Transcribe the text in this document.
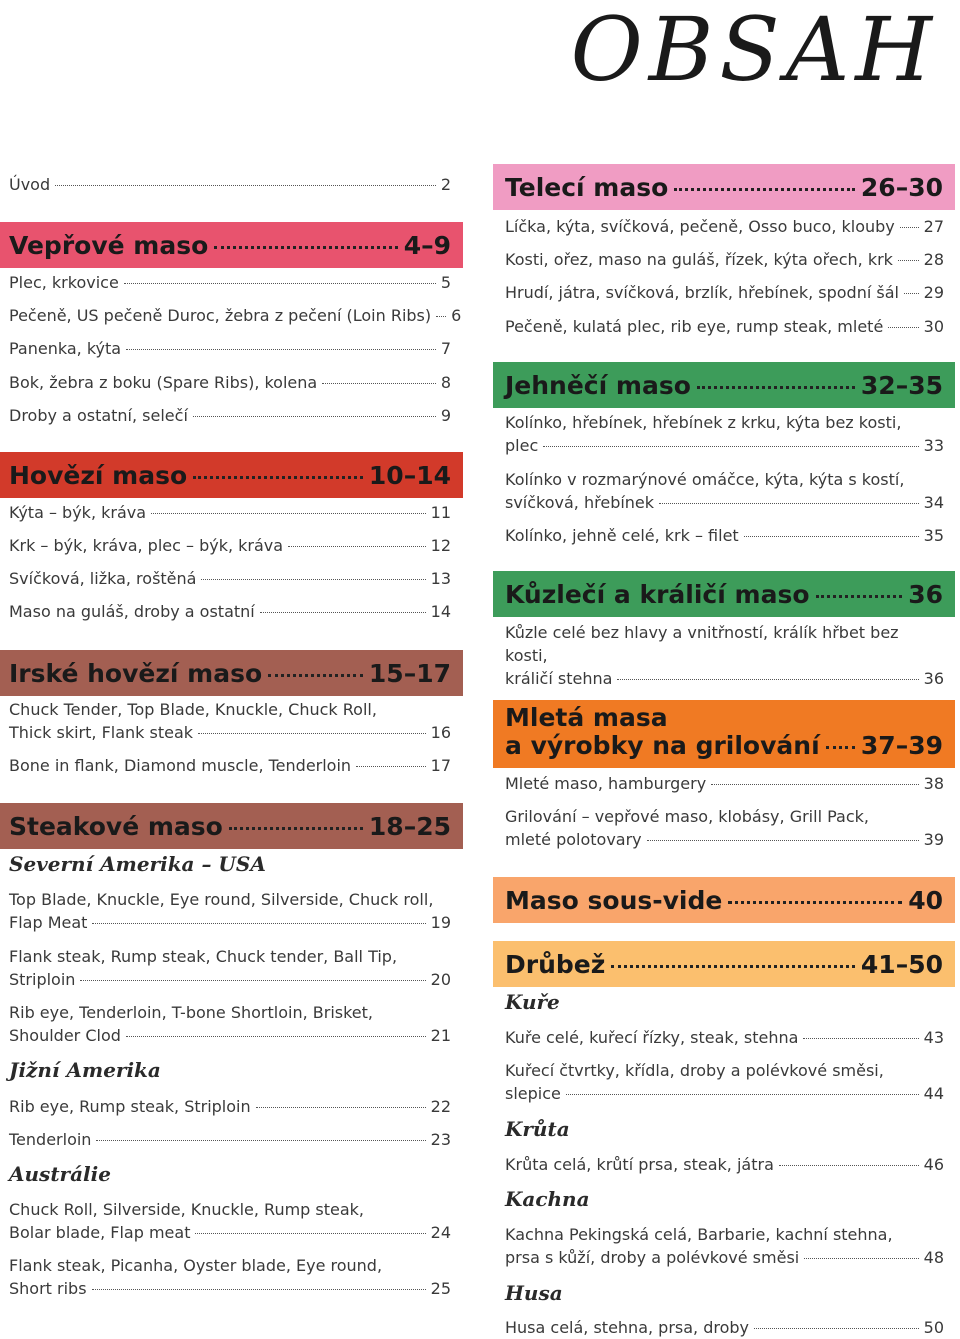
OBSAH
Úvod	2
Vepřové maso	4–9
Plec, krkovice	5
Pečeně, US pečeně Duroc, žebra z pečení (Loin Ribs) 6
Panenka, kýta	7
Bok, žebra z boku (Spare Ribs), kolena	8
Droby a ostatní, selečí	9
Hovězí maso	10–14
Kýta – býk, kráva	11
Krk – býk, kráva, plec – býk, kráva	12
Svíčková, ližka, roštěná	13
Maso na guláš, droby a ostatní	14
Irské hovězí maso	15–17
Chuck Tender, Top Blade, Knuckle, Chuck Roll,
Thick skirt, Flank steak	16
Bone in flank, Diamond muscle, Tenderloin	17
Steakové maso	18–25
Severní Amerika – USA
Top Blade, Knuckle, Eye round, Silverside, Chuck roll,
Flap Meat	19
Flank steak, Rump steak, Chuck tender, Ball Tip,
Striploin	20
Rib eye, Tenderloin, T-bone Shortloin, Brisket,
Shoulder Clod	21
Jižní Amerika
Rib eye, Rump steak, Striploin	22
Tenderloin	23
Austrálie
Chuck Roll, Silverside, Knuckle, Rump steak,
Bolar blade, Flap meat	24
Flank steak, Picanha, Oyster blade, Eye round,
Short ribs	25
Telecí maso	26–30
Líčka, kýta, svíčková, pečeně, Osso buco, klouby 27
Kosti, ořez, maso na guláš, řízek, kýta ořech, krk 28
Hrudí, játra, svíčková, brzlík, hřebínek, spodní šál 29
Pečeně, kulatá plec, rib eye, rump steak, mleté	30
Jehněčí maso	32–35
Kolínko, hřebínek, hřebínek z krku, kýta bez kosti,
plec	33
Kolínko v rozmarýnové omáčce, kýta, kýta s kostí,
svíčková, hřebínek	34
Kolínko, jehně celé, krk – filet	35
Kůzlečí a králičí maso	36
Kůzle celé bez hlavy a vnitřností, králík hřbet bez kosti,
králičí stehna	36
Mletá masa
a výrobky na grilování 37–39
Mleté maso, hamburgery	38
Grilování – vepřové maso, klobásy, Grill Pack,
mleté polotovary	39
Maso sous-vide	40
Drůbež	41–50
Kuře
Kuře celé, kuřecí řízky, steak, stehna	43
Kuřecí čtvrtky, křídla, droby a polévkové směsi,
slepice	44
Krůta
Krůta celá, krůtí prsa, steak, játra	46
Kachna
Kachna Pekingská celá, Barbarie, kachní stehna,
prsa s kůží, droby a polévkové směsi	48
Husa
Husa celá, stehna, prsa, droby	50
